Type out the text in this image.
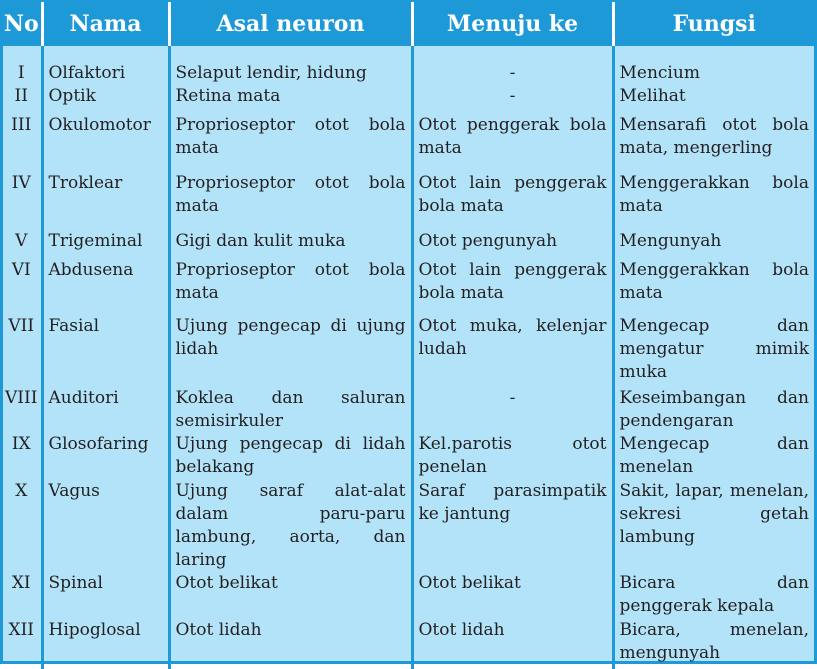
No	Nama	Asal neuron	Menuju ke	Fungsi
I	Olfaktori	Selaput lendir, hidung	-	Mencium
II	Optik	Retina mata	-	Melihat
III	Okulomotor	Proprioseptor otot bola mata	Otot penggerak bola mata	Mensarafi otot bola mata, mengerling
IV	Troklear	Proprioseptor otot bola mata	Otot lain penggerak bola mata	Menggerakkan bola mata
V	Trigeminal	Gigi dan kulit muka	Otot pengunyah	Mengunyah
VI	Abdusena	Proprioseptor otot bola mata	Otot lain penggerak bola mata	Menggerakkan bola mata
VII	Fasial	Ujung pengecap di ujung lidah	Otot muka, kelenjar ludah	Mengecap dan mengatur mimik muka
VIII	Auditori	Koklea dan saluran semisirkuler	-	Keseimbangan dan pendengaran
IX	Glosofaring	Ujung pengecap di lidah belakang	Kel.parotis otot penelan	Mengecap dan menelan
X	Vagus	Ujung saraf alat-alat dalam paru-paru lambung, aorta, dan laring	Saraf parasimpatik ke jantung	Sakit, lapar, menelan, sekresi getah lambung
XI	Spinal	Otot belikat	Otot belikat	Bicara dan penggerak kepala
XII	Hipoglosal	Otot lidah	Otot lidah	Bicara, menelan, mengunyah
